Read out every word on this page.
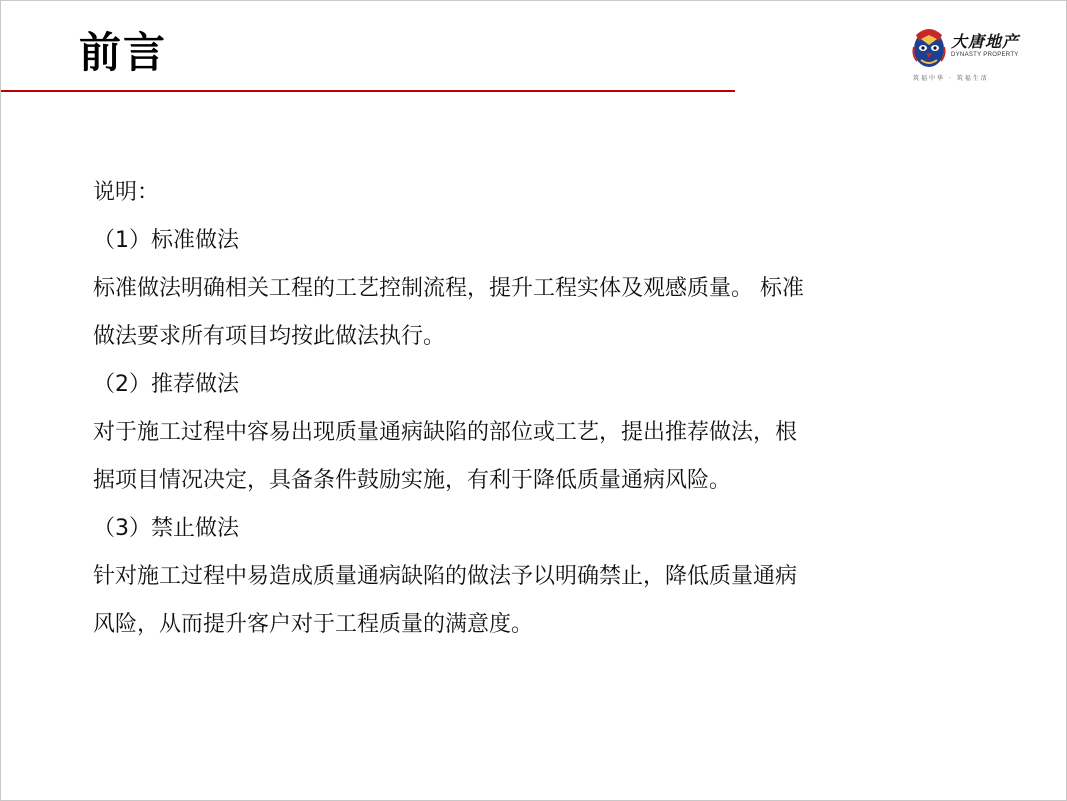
前言	大唐地产
DYNASTY PROPERTY
筑福中华 · 筑福生活
说明：
（1）标准做法
标准做法明确相关工程的工艺控制流程，提升工程实体及观感质量。 标准
做法要求所有项目均按此做法执行。
（2）推荐做法
对于施工过程中容易出现质量通病缺陷的部位或工艺，提出推荐做法，根
据项目情况决定，具备条件鼓励实施，有利于降低质量通病风险。
（3）禁止做法
针对施工过程中易造成质量通病缺陷的做法予以明确禁止，降低质量通病
风险，从而提升客户对于工程质量的满意度。
